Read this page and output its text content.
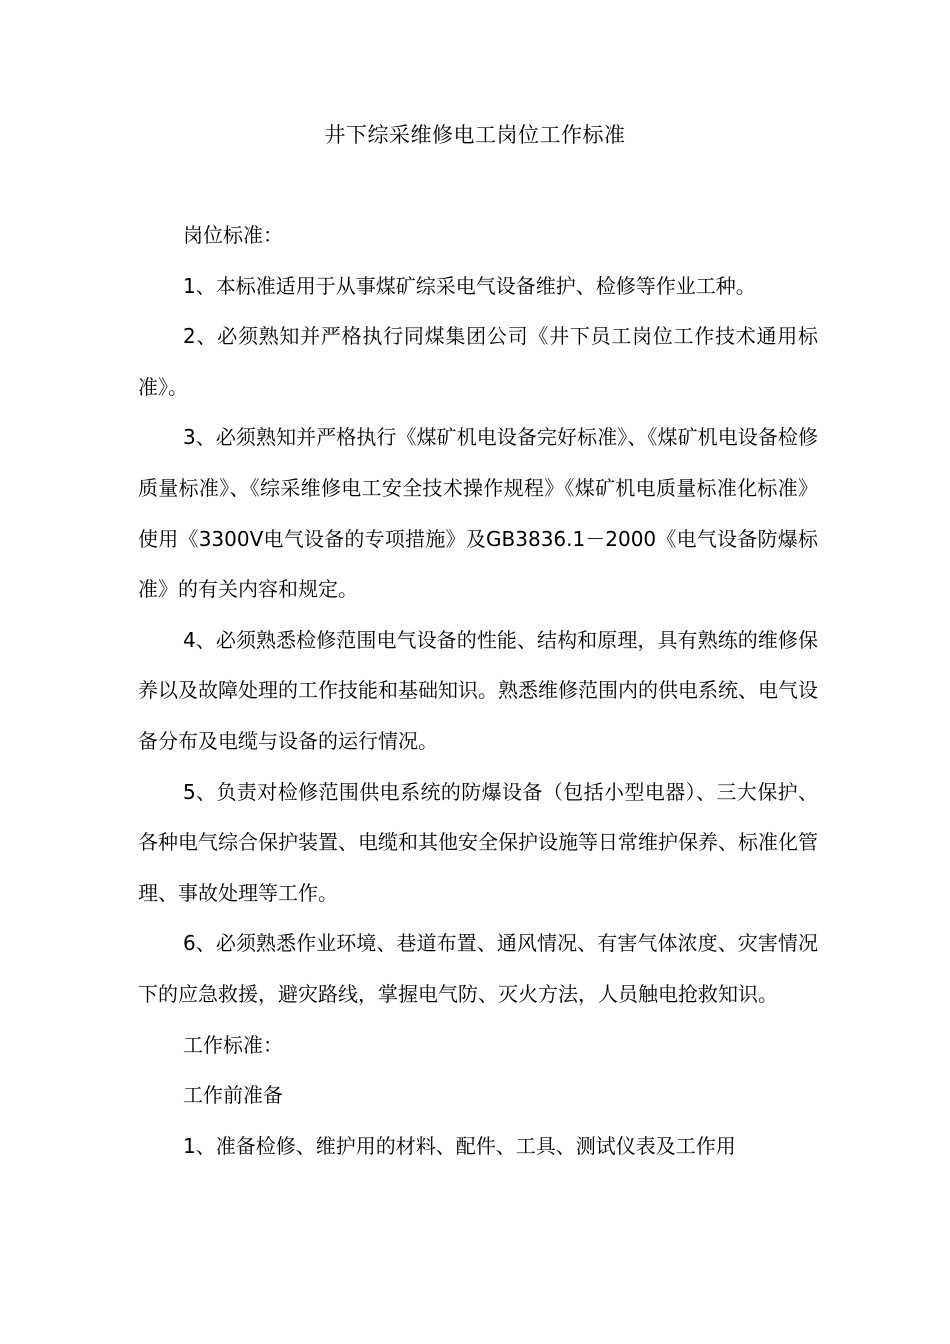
井下综采维修电工岗位工作标准

岗位标准：

1、本标准适用于从事煤矿综采电气设备维护、检修等作业工种。

2、必须熟知并严格执行同煤集团公司《井下员工岗位工作技术通用标准》。

3、必须熟知并严格执行《煤矿机电设备完好标准》、《煤矿机电设备检修质量标准》、《综采维修电工安全技术操作规程》《煤矿机电质量标准化标准》使用《3300V电气设备的专项措施》及GB3836.1－2000《电气设备防爆标准》的有关内容和规定。

4、必须熟悉检修范围电气设备的性能、结构和原理，具有熟练的维修保养以及故障处理的工作技能和基础知识。熟悉维修范围内的供电系统、电气设备分布及电缆与设备的运行情况。

5、负责对检修范围供电系统的防爆设备（包括小型电器）、三大保护、各种电气综合保护装置、电缆和其他安全保护设施等日常维护保养、标准化管理、事故处理等工作。

6、必须熟悉作业环境、巷道布置、通风情况、有害气体浓度、灾害情况下的应急救援，避灾路线，掌握电气防、灭火方法，人员触电抢救知识。

工作标准：

工作前准备

1、准备检修、维护用的材料、配件、工具、测试仪表及工作用
